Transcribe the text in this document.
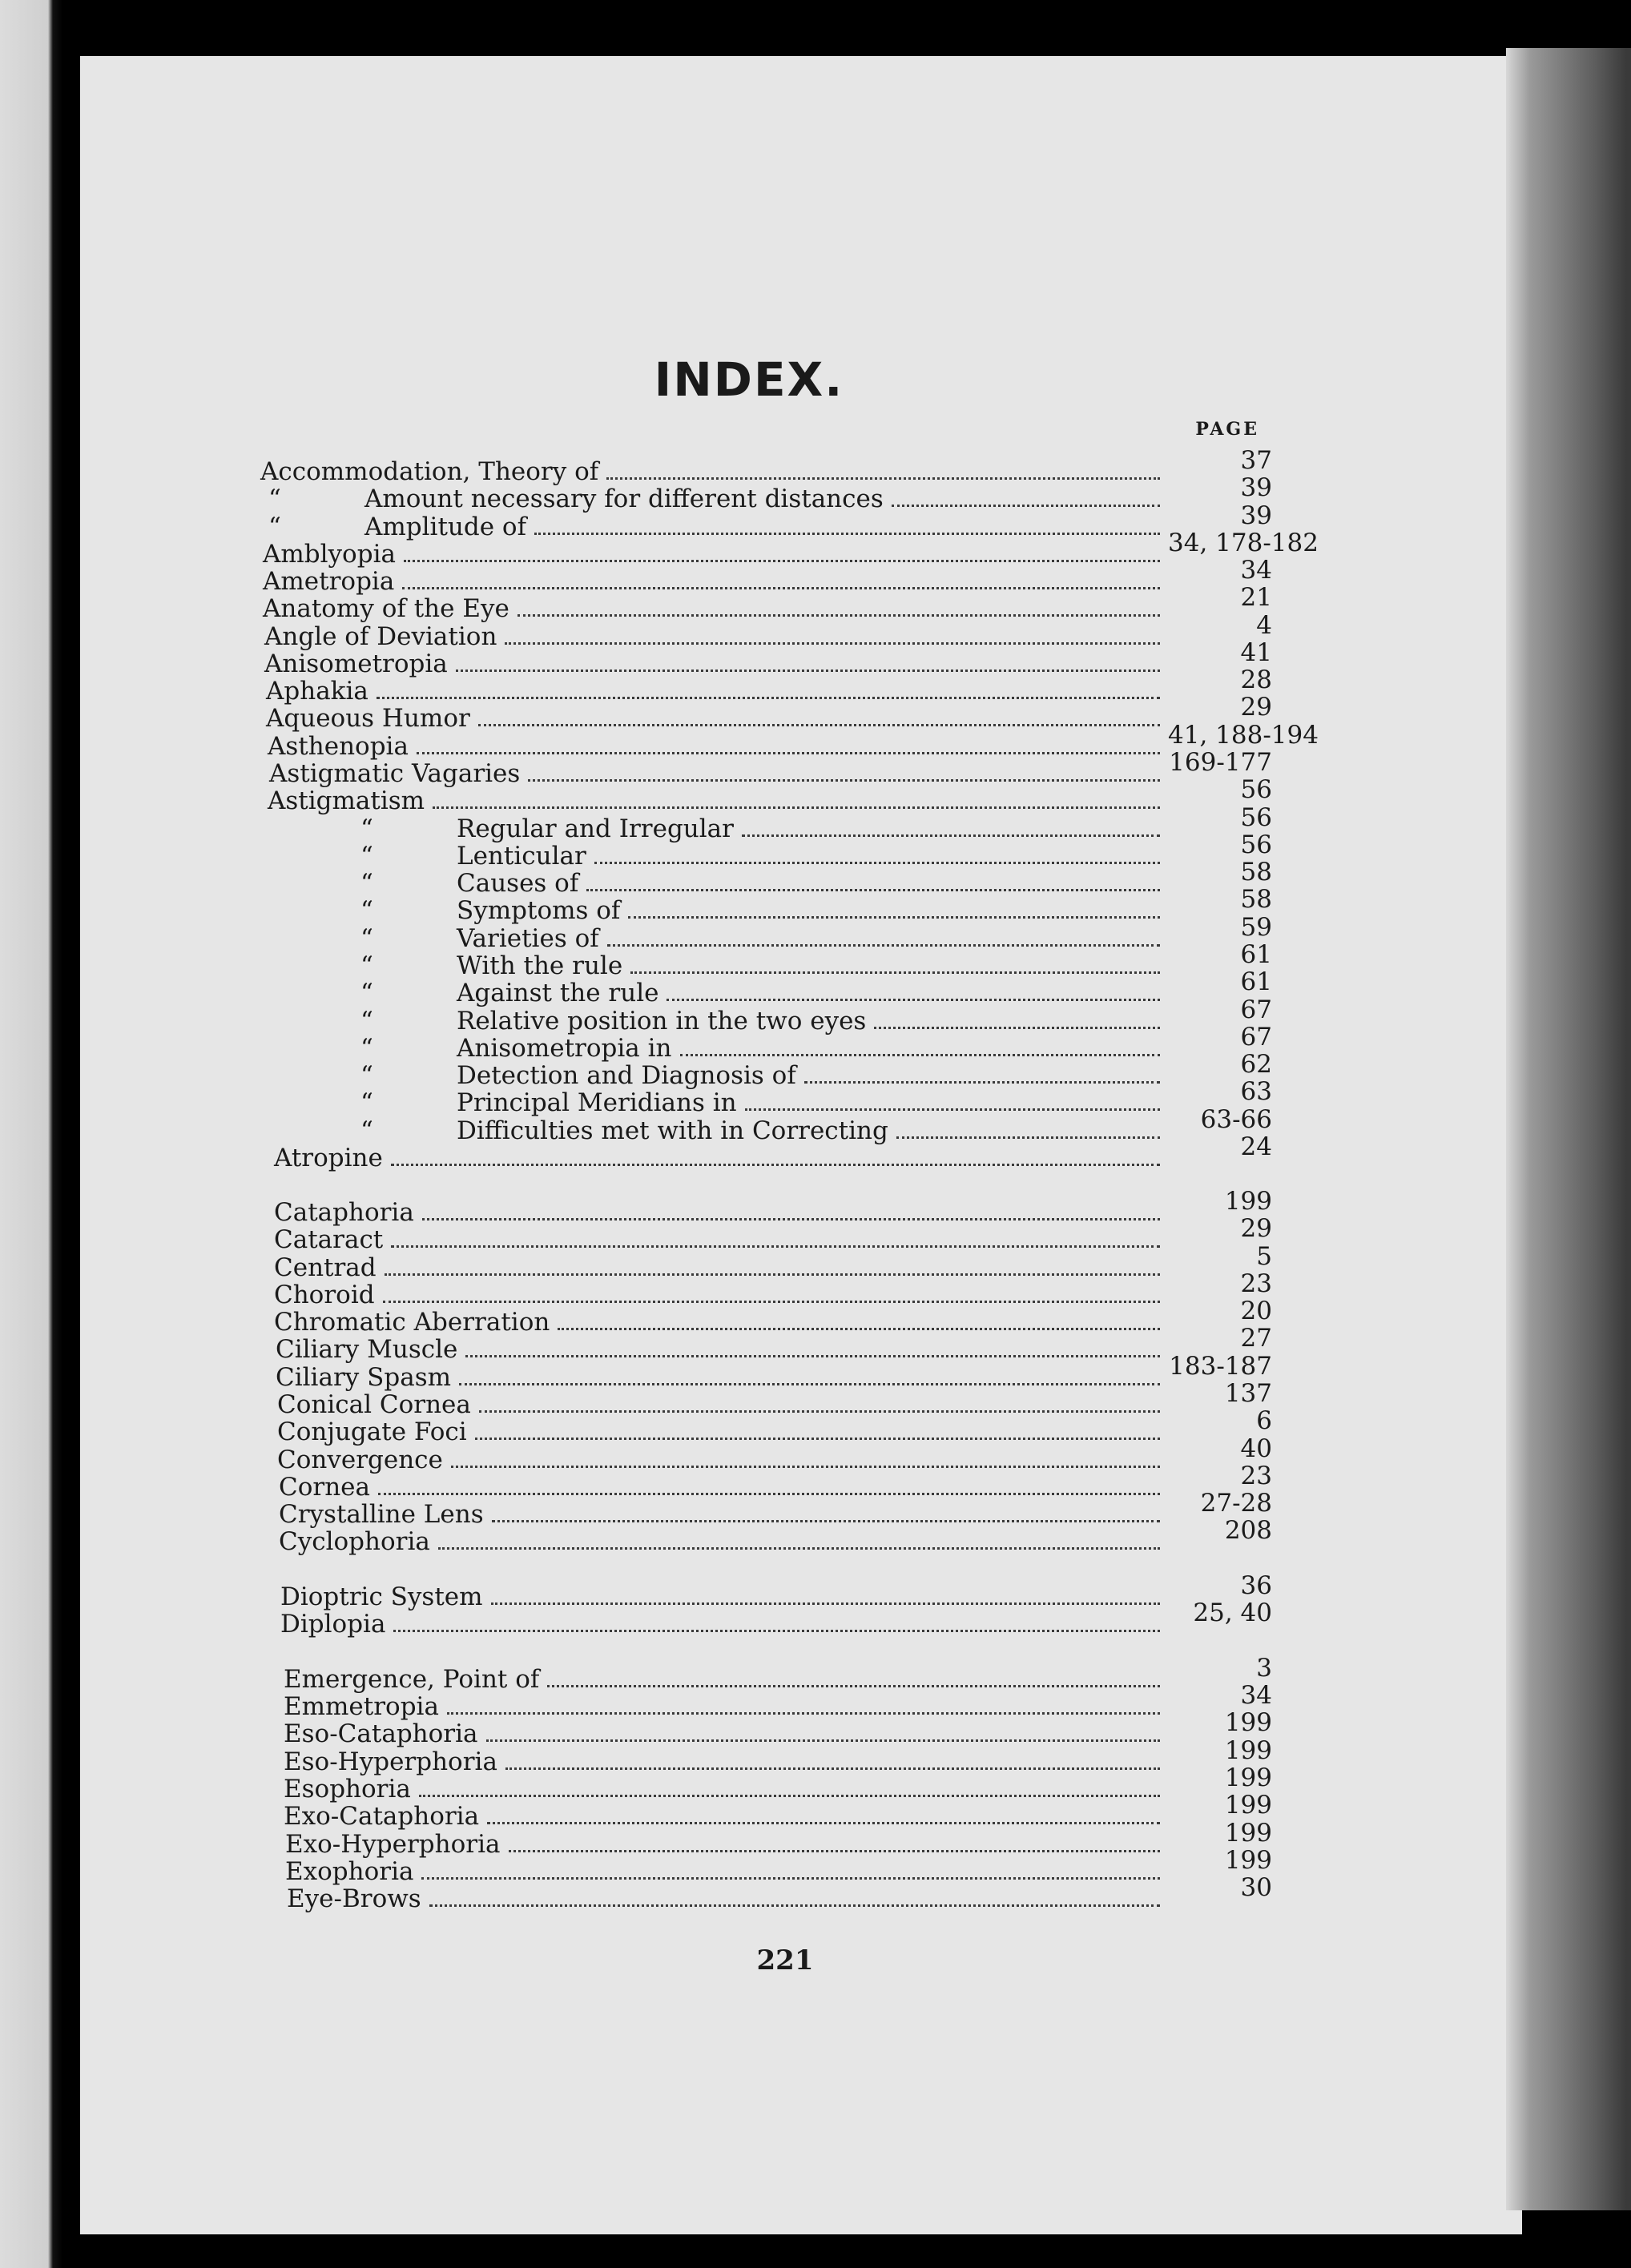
INDEX.
PAGE
Accommodation, Theory of	37
“	Amount necessary for different distances	39
“	Amplitude of	39
Amblyopia	34, 178-182
Ametropia	34
Anatomy of the Eye	21
Angle of Deviation	4
Anisometropia	41
Aphakia	28
Aqueous Humor	29
Asthenopia	41, 188-194
Astigmatic Vagaries	169-177
Astigmatism	56
“	Regular and Irregular	56
“	Lenticular	56
“	Causes of	58
“	Symptoms of	58
“	Varieties of	59
“	With the rule	61
“	Against the rule	61
“	Relative position in the two eyes	67
“	Anisometropia in	67
“	Detection and Diagnosis of	62
“	Principal Meridians in	63
“	Difficulties met with in Correcting	63-66
Atropine	24
Cataphoria	199
Cataract	29
Centrad	5
Choroid	23
Chromatic Aberration	20
Ciliary Muscle	27
Ciliary Spasm	183-187
Conical Cornea	137
Conjugate Foci	6
Convergence	40
Cornea	23
Crystalline Lens	27-28
Cyclophoria	208
Dioptric System	36
Diplopia	25, 40
Emergence, Point of	3
Emmetropia	34
Eso-Cataphoria	199
Eso-Hyperphoria	199
Esophoria	199
Exo-Cataphoria	199
Exo-Hyperphoria	199
Exophoria	199
Eye-Brows	30
221
